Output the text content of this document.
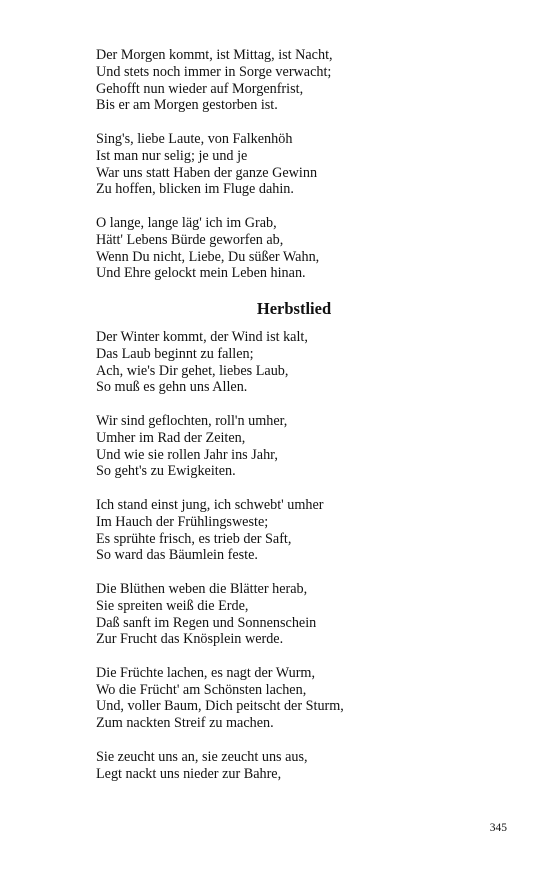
Der Morgen kommt, ist Mittag, ist Nacht,
Und stets noch immer in Sorge verwacht;
Gehofft nun wieder auf Morgenfrist,
Bis er am Morgen gestorben ist.
Sing's, liebe Laute, von Falkenhöh
Ist man nur selig; je und je
War uns statt Haben der ganze Gewinn
Zu hoffen, blicken im Fluge dahin.
O lange, lange läg' ich im Grab,
Hätt' Lebens Bürde geworfen ab,
Wenn Du nicht, Liebe, Du süßer Wahn,
Und Ehre gelockt mein Leben hinan.
Herbstlied
Der Winter kommt, der Wind ist kalt,
Das Laub beginnt zu fallen;
Ach, wie's Dir gehet, liebes Laub,
So muß es gehn uns Allen.
Wir sind geflochten, roll'n umher,
Umher im Rad der Zeiten,
Und wie sie rollen Jahr ins Jahr,
So geht's zu Ewigkeiten.
Ich stand einst jung, ich schwebt' umher
Im Hauch der Frühlingsweste;
Es sprühte frisch, es trieb der Saft,
So ward das Bäumlein feste.
Die Blüthen weben die Blätter herab,
Sie spreiten weiß die Erde,
Daß sanft im Regen und Sonnenschein
Zur Frucht das Knösplein werde.
Die Früchte lachen, es nagt der Wurm,
Wo die Frücht' am Schönsten lachen,
Und, voller Baum, Dich peitscht der Sturm,
Zum nackten Streif zu machen.
Sie zeucht uns an, sie zeucht uns aus,
Legt nackt uns nieder zur Bahre,
345
